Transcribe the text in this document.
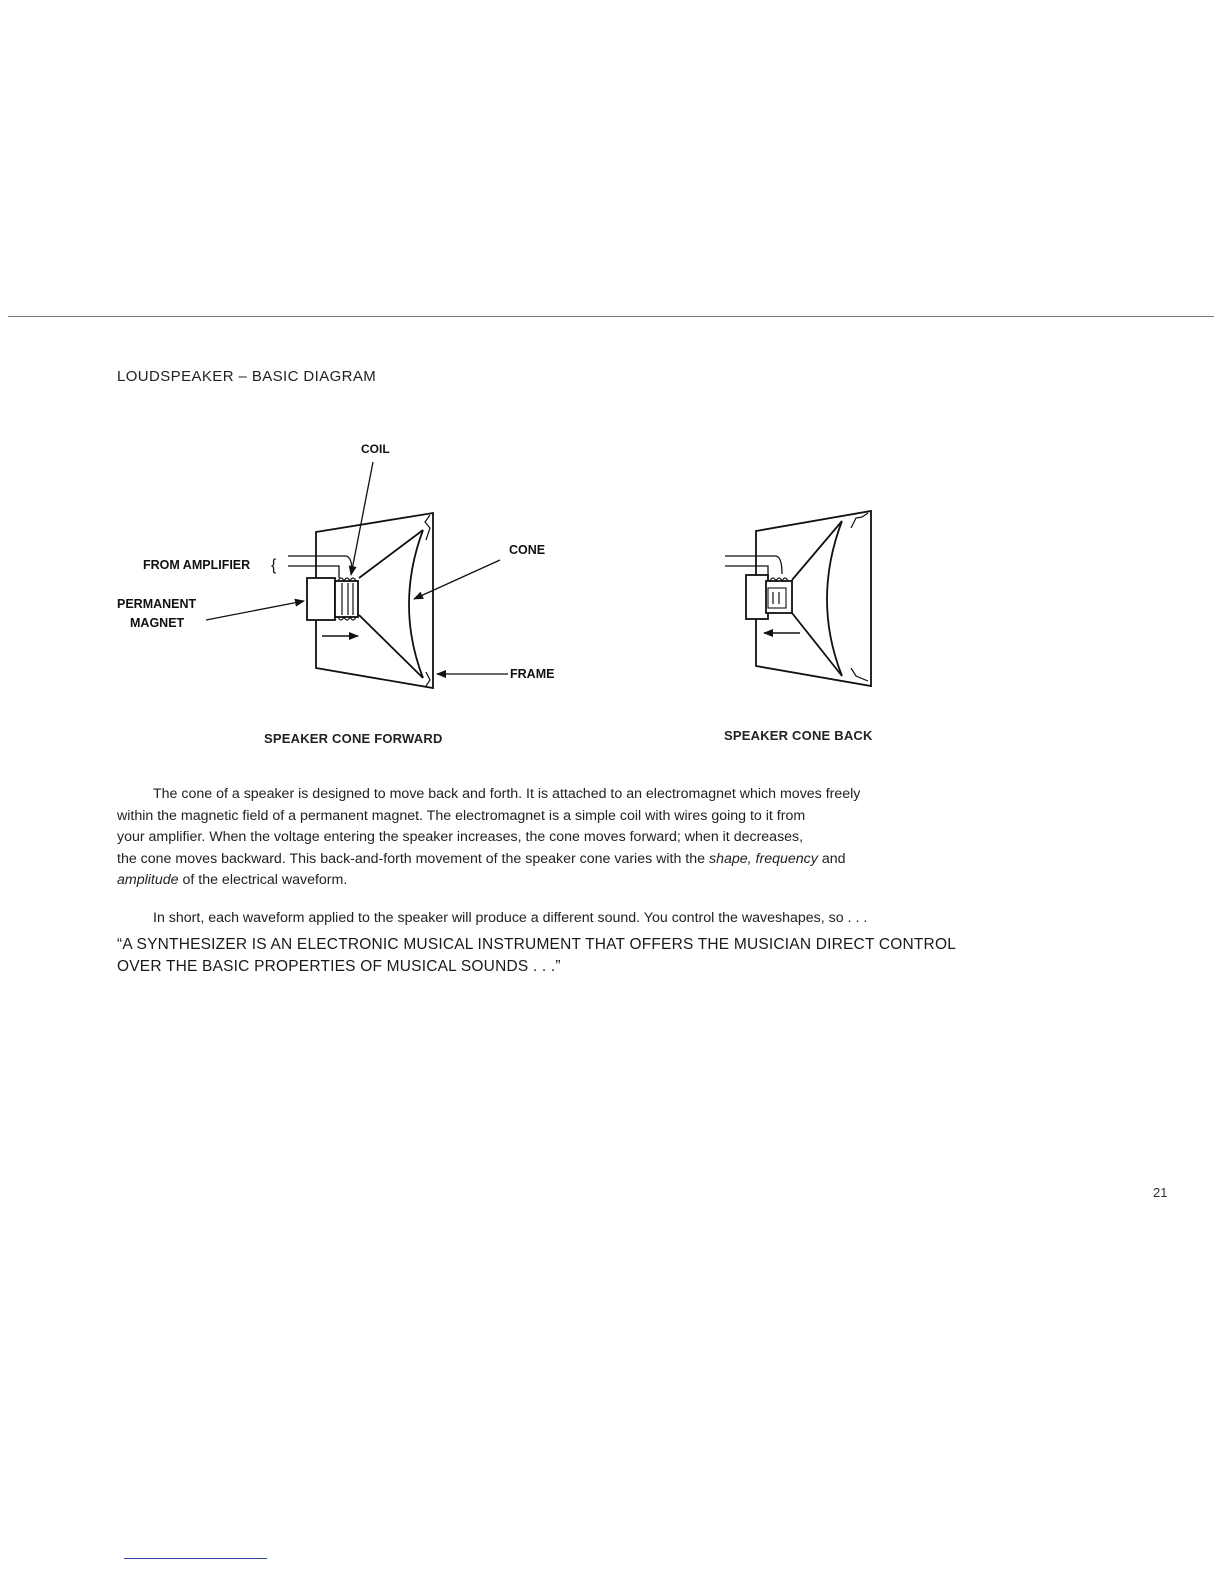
LOUDSPEAKER – BASIC DIAGRAM
COIL
FROM AMPLIFIER {
PERMANENT
MAGNET
CONE
FRAME
SPEAKER CONE FORWARD	SPEAKER CONE BACK

The cone of a speaker is designed to move back and forth. It is attached to an electromagnet which moves freely

within the magnetic field of a permanent magnet. The electromagnet is a simple coil with wires going to it from

your amplifier. When the voltage entering the speaker increases, the cone moves forward; when it decreases,

the cone moves backward. This back-and-forth movement of the speaker cone varies with the shape, frequency and

amplitude of the electrical waveform.

In short, each waveform applied to the speaker will produce a different sound. You control the waveshapes, so . . .
“A SYNTHESIZER IS AN ELECTRONIC MUSICAL INSTRUMENT THAT OFFERS THE MUSICIAN DIRECT CONTROL
OVER THE BASIC PROPERTIES OF MUSICAL SOUNDS . . .”
21
